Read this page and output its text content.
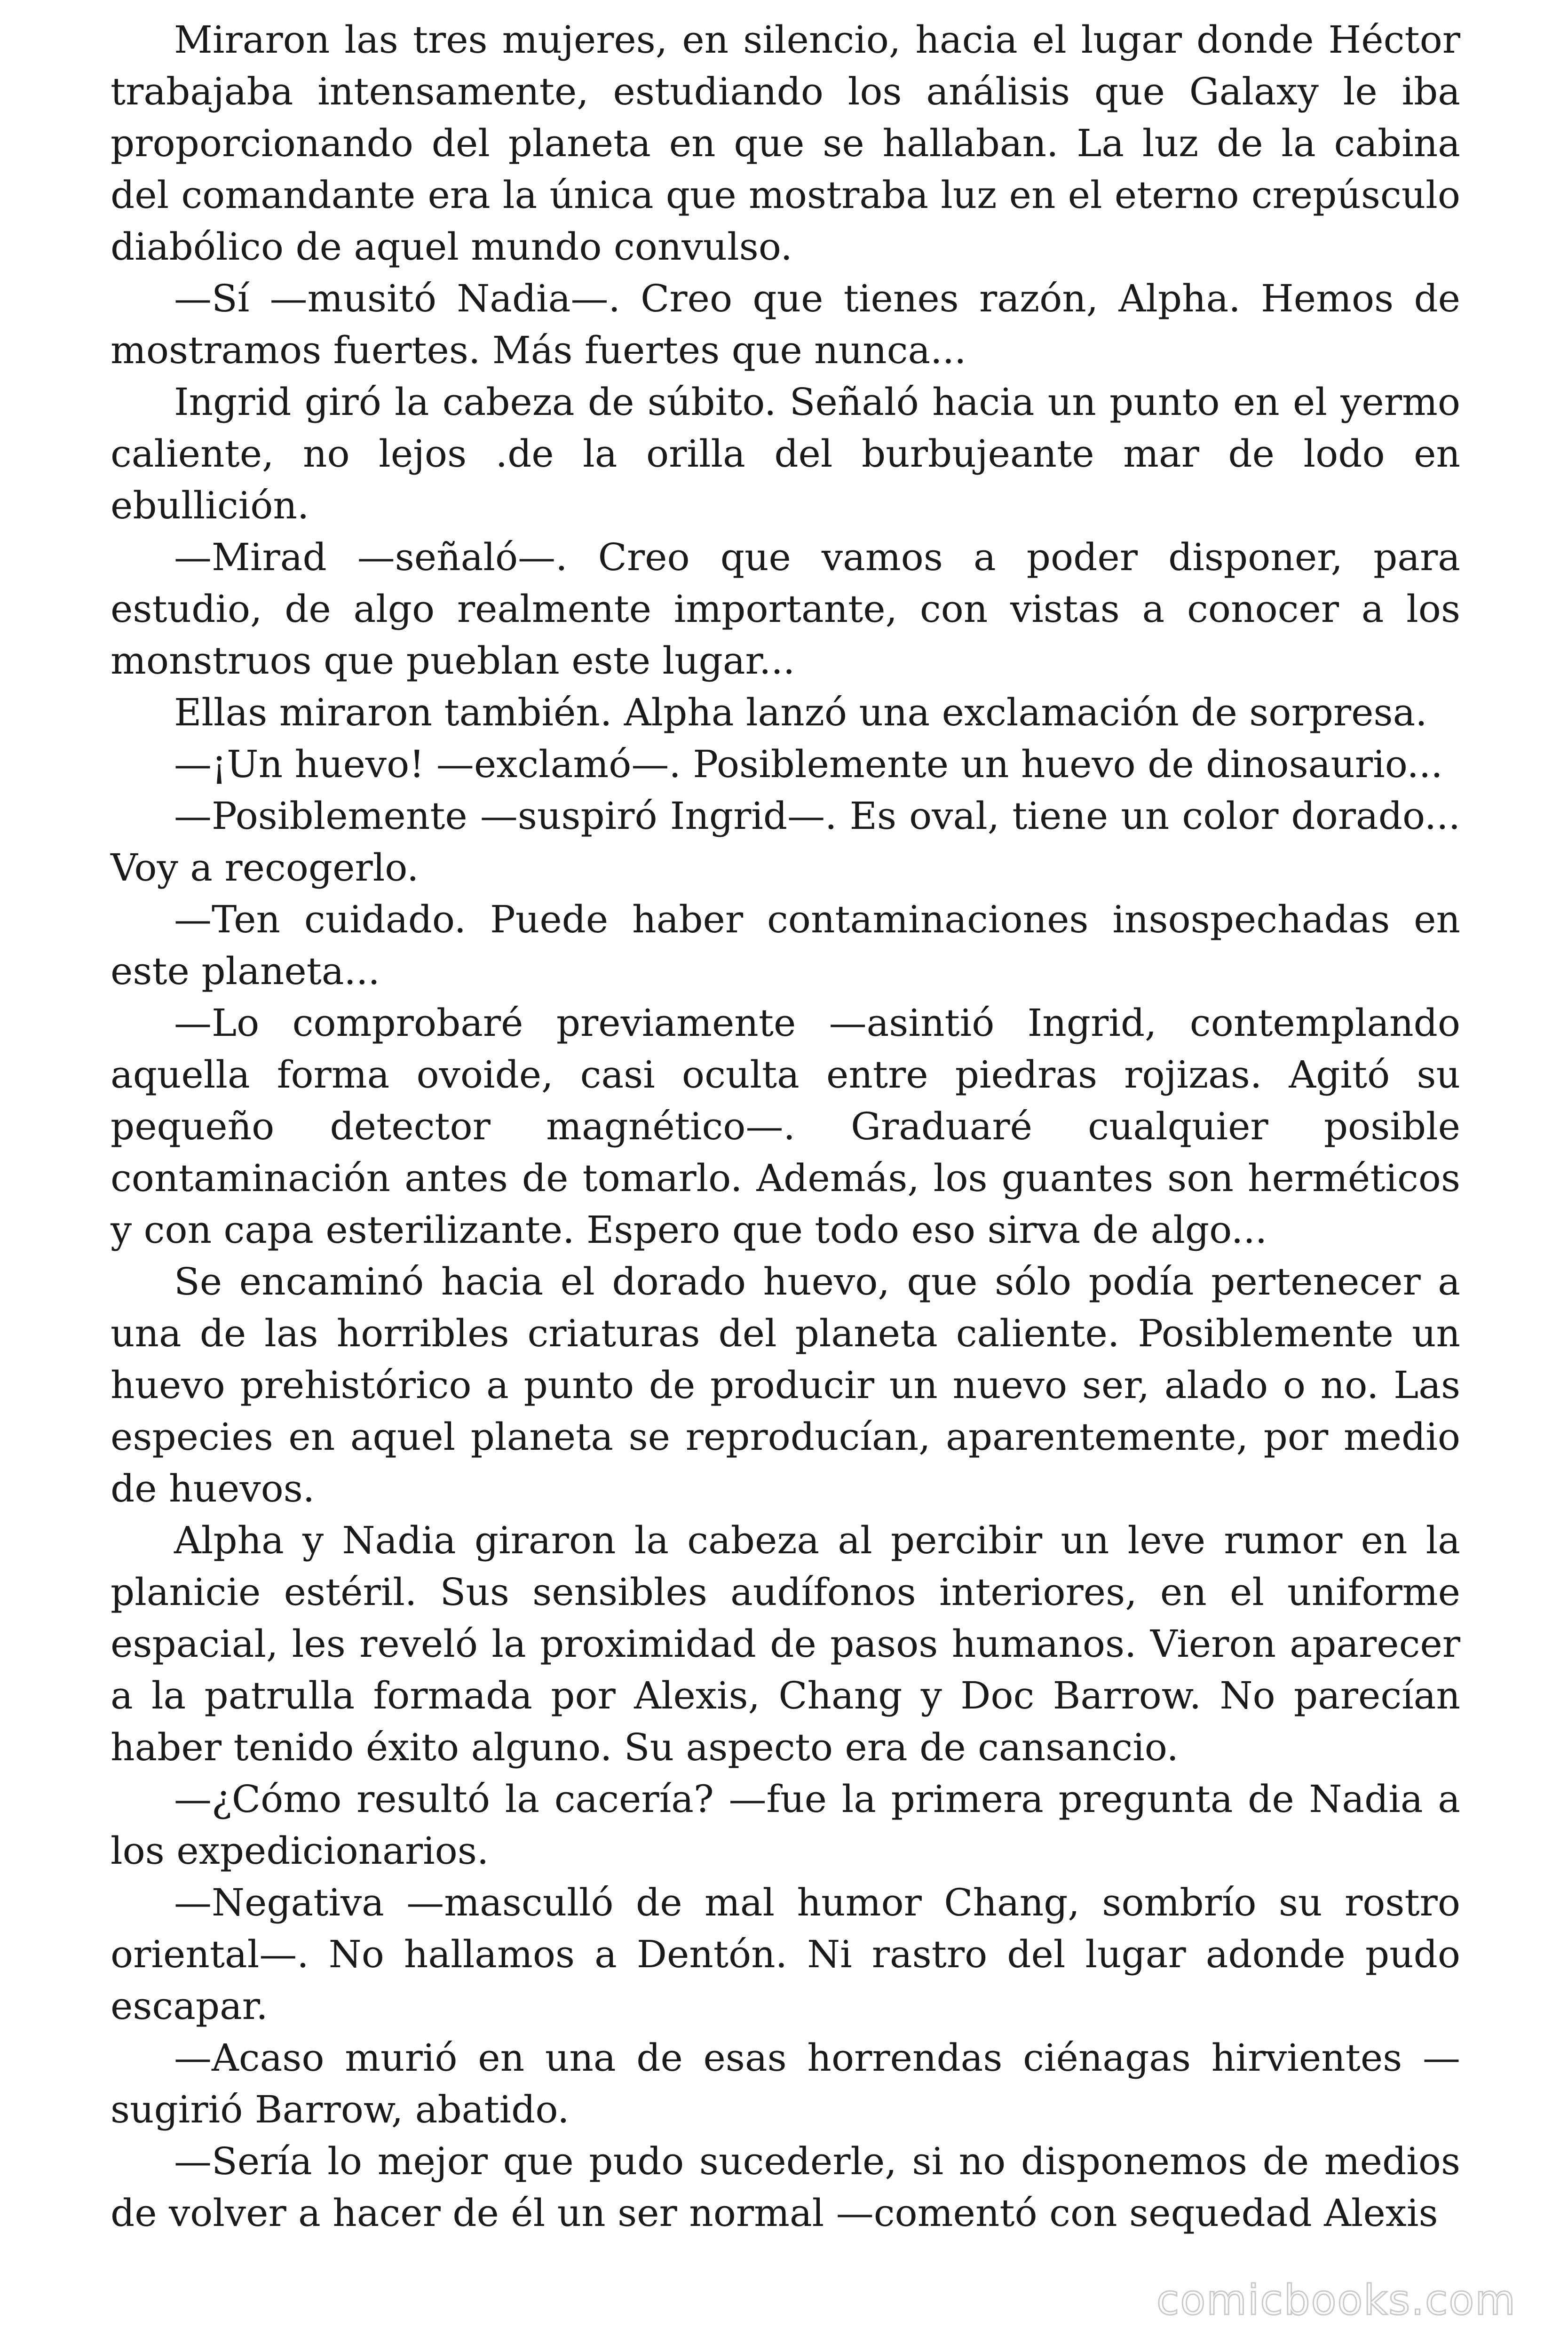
Miraron las tres mujeres, en silencio, hacia el lugar donde Héctor trabajaba intensamente, estudiando los análisis que Galaxy le iba proporcionando del planeta en que se hallaban. La luz de la cabina del comandante era la única que mostraba luz en el eterno crepúsculo diabólico de aquel mundo convulso.

—Sí —musitó Nadia—. Creo que tienes razón, Alpha. Hemos de mostramos fuertes. Más fuertes que nunca...

Ingrid giró la cabeza de súbito. Señaló hacia un punto en el yermo caliente, no lejos .de la orilla del burbujeante mar de lodo en ebullición.

—Mirad —señaló—. Creo que vamos a poder disponer, para estudio, de algo realmente importante, con vistas a conocer a los monstruos que pueblan este lugar...

Ellas miraron también. Alpha lanzó una exclamación de sorpresa.

—¡Un huevo! —exclamó—. Posiblemente un huevo de dinosaurio...

—Posiblemente —suspiró Ingrid—. Es oval, tiene un color dorado... Voy a recogerlo.

—Ten cuidado. Puede haber contaminaciones insospechadas en este planeta...

—Lo comprobaré previamente —asintió Ingrid, contemplando aquella forma ovoide, casi oculta entre piedras rojizas. Agitó su pequeño detector magnético—. Graduaré cualquier posible contaminación antes de tomarlo. Además, los guantes son herméticos y con capa esterilizante. Espero que todo eso sirva de algo...

Se encaminó hacia el dorado huevo, que sólo podía pertenecer a una de las horribles criaturas del planeta caliente. Posiblemente un huevo prehistórico a punto de producir un nuevo ser, alado o no. Las especies en aquel planeta se reproducían, aparentemente, por medio de huevos.

Alpha y Nadia giraron la cabeza al percibir un leve rumor en la planicie estéril. Sus sensibles audífonos interiores, en el uniforme espacial, les reveló la proximidad de pasos humanos. Vieron aparecer a la patrulla formada por Alexis, Chang y Doc Barrow. No parecían haber tenido éxito alguno. Su aspecto era de cansancio.

—¿Cómo resultó la cacería? —fue la primera pregunta de Nadia a los expedicionarios.

—Negativa —masculló de mal humor Chang, sombrío su rostro oriental—. No hallamos a Dentón. Ni rastro del lugar adonde pudo escapar.

—Acaso murió en una de esas horrendas ciénagas hirvientes —sugirió Barrow, abatido.

—Sería lo mejor que pudo sucederle, si no disponemos de medios de volver a hacer de él un ser normal —comentó con sequedad Alexis

comicbooks.com
